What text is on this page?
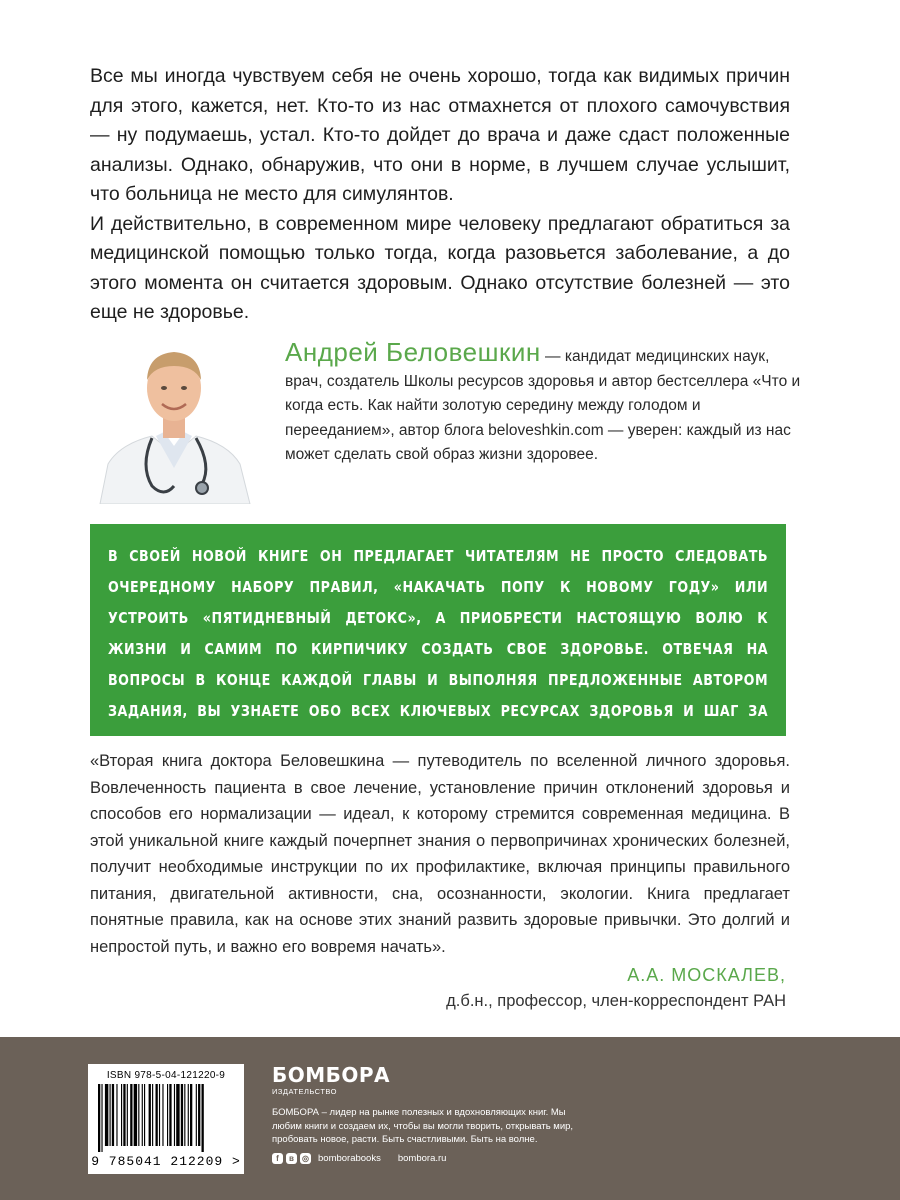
Все мы иногда чувствуем себя не очень хорошо, тогда как видимых причин для этого, кажется, нет. Кто-то из нас отмахнется от плохого самочувствия — ну подумаешь, устал. Кто-то дойдет до врача и даже сдаст положенные анализы. Однако, обнаружив, что они в норме, в лучшем случае услышит, что больница не место для симулянтов.

И действительно, в современном мире человеку предлагают обратиться за медицинской помощью только тогда, когда разовьется заболевание, а до этого момента он считается здоровым. Однако отсутствие болезней — это еще не здоровье.

Андрей Беловешкин — кандидат медицинских наук, врач, создатель Школы ресурсов здоровья и автор бестселлера «Что и когда есть. Как найти золотую середину между голодом и перееданием», автор блога beloveshkin.com — уверен: каждый из нас может сделать свой образ жизни здоровее.

В СВОЕЙ НОВОЙ КНИГЕ ОН ПРЕДЛАГАЕТ ЧИТАТЕЛЯМ НЕ ПРОСТО СЛЕДОВАТЬ ОЧЕРЕДНОМУ НАБОРУ ПРАВИЛ, «НАКАЧАТЬ ПОПУ К НОВОМУ ГОДУ» ИЛИ УСТРОИТЬ «ПЯТИДНЕВНЫЙ ДЕТОКС», А ПРИОБРЕСТИ НАСТОЯЩУЮ ВОЛЮ К ЖИЗНИ И САМИМ ПО КИРПИЧИКУ СОЗДАТЬ СВОЕ ЗДОРОВЬЕ. ОТВЕЧАЯ НА ВОПРОСЫ В КОНЦЕ КАЖДОЙ ГЛАВЫ И ВЫПОЛНЯЯ ПРЕДЛОЖЕННЫЕ АВТОРОМ ЗАДАНИЯ, ВЫ УЗНАЕТЕ ОБО ВСЕХ КЛЮЧЕВЫХ РЕСУРСАХ ЗДОРОВЬЯ И ШАГ ЗА ШАГОМ ВЕРНЕТЕ СЕБЕ ЭНЕРГИЮ, ОСОЗНАННОСТЬ И ВКУС К ЖИЗНИ.

«Вторая книга доктора Беловешкина — путеводитель по вселенной личного здоровья. Вовлеченность пациента в свое лечение, установление причин отклонений здоровья и способов его нормализации — идеал, к которому стремится современная медицина. В этой уникальной книге каждый почерпнет знания о первопричинах хронических болезней, получит необходимые инструкции по их профилактике, включая принципы правильного питания, двигательной активности, сна, осознанности, экологии. Книга предлагает понятные правила, как на основе этих знаний развить здоровые привычки. Это долгий и непростой путь, и важно его вовремя начать».

А.А. МОСКАЛЕВ,
д.б.н., профессор, член-корреспондент РАН
ISBN 978-5-04-121220-9
9 785041 212209 >
БОМБОРА
ИЗДАТЕЛЬСТВО
БОМБОРА – лидер на рынке полезных и вдохновляющих книг. Мы любим книги и создаем их, чтобы вы могли творить, открывать мир, пробовать новое, расти. Быть счастливыми. Быть на волне.
f	в	◎ bomborabooks bombora.ru
